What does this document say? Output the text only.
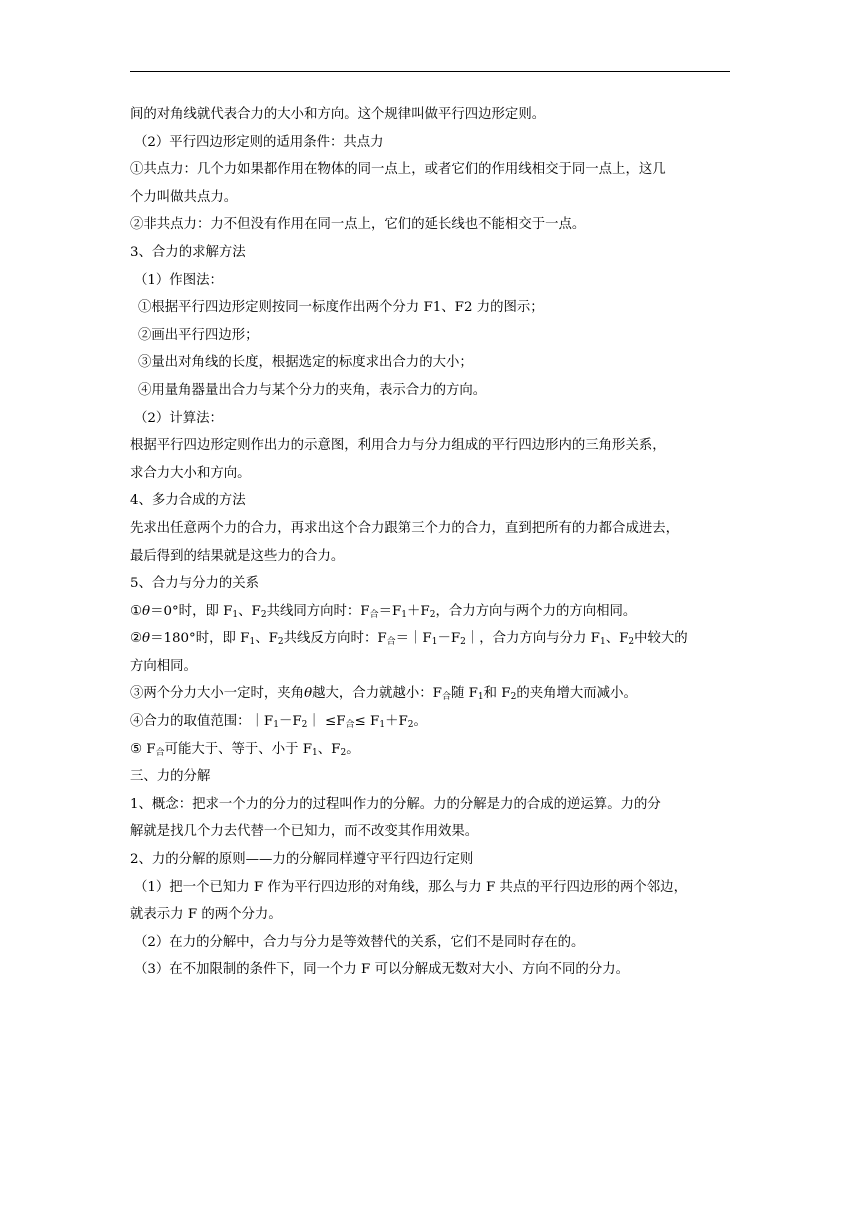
间的对角线就代表合力的大小和方向。这个规律叫做平行四边形定则。
（2）平行四边形定则的适用条件：共点力
①共点力：几个力如果都作用在物体的同一点上，或者它们的作用线相交于同一点上，这几
个力叫做共点力。
②非共点力：力不但没有作用在同一点上，它们的延长线也不能相交于一点。
3、合力的求解方法
（1）作图法：
①根据平行四边形定则按同一标度作出两个分力 F1、F2 力的图示；
②画出平行四边形；
③量出对角线的长度，根据选定的标度求出合力的大小；
④用量角器量出合力与某个分力的夹角，表示合力的方向。
（2）计算法：
根据平行四边形定则作出力的示意图，利用合力与分力组成的平行四边形内的三角形关系，
求合力大小和方向。
4、多力合成的方法
先求出任意两个力的合力，再求出这个合力跟第三个力的合力，直到把所有的力都合成进去，
最后得到的结果就是这些力的合力。
5、合力与分力的关系
①θ＝0°时，即 $F_1$、$F_2$共线同方向时：$F_合=F_1+F_2$，合力方向与两个力的方向相同。
②θ＝180°时，即 $F_1$、$F_2$共线反方向时：$F_合=|F_1-F_2|$，合力方向与分力 $F_1$、$F_2$中较大的
方向相同。
③两个分力大小一定时，夹角θ越大，合力就越小：$F_合$随 $F_1$和 $F_2$的夹角增大而减小。
④合力的取值范围：$|F_1-F_2| \le F_合\le F_1+F_2$。
⑤ $F_合$可能大于、等于、小于 $F_1$、$F_2$。
三、力的分解
1、概念：把求一个力的分力的过程叫作力的分解。力的分解是力的合成的逆运算。力的分
解就是找几个力去代替一个已知力，而不改变其作用效果。
2、力的分解的原则——力的分解同样遵守平行四边行定则
（1）把一个已知力 F 作为平行四边形的对角线，那么与力 F 共点的平行四边形的两个邻边，
就表示力 F 的两个分力。
（2）在力的分解中，合力与分力是等效替代的关系，它们不是同时存在的。
（3）在不加限制的条件下，同一个力 F 可以分解成无数对大小、方向不同的分力。
